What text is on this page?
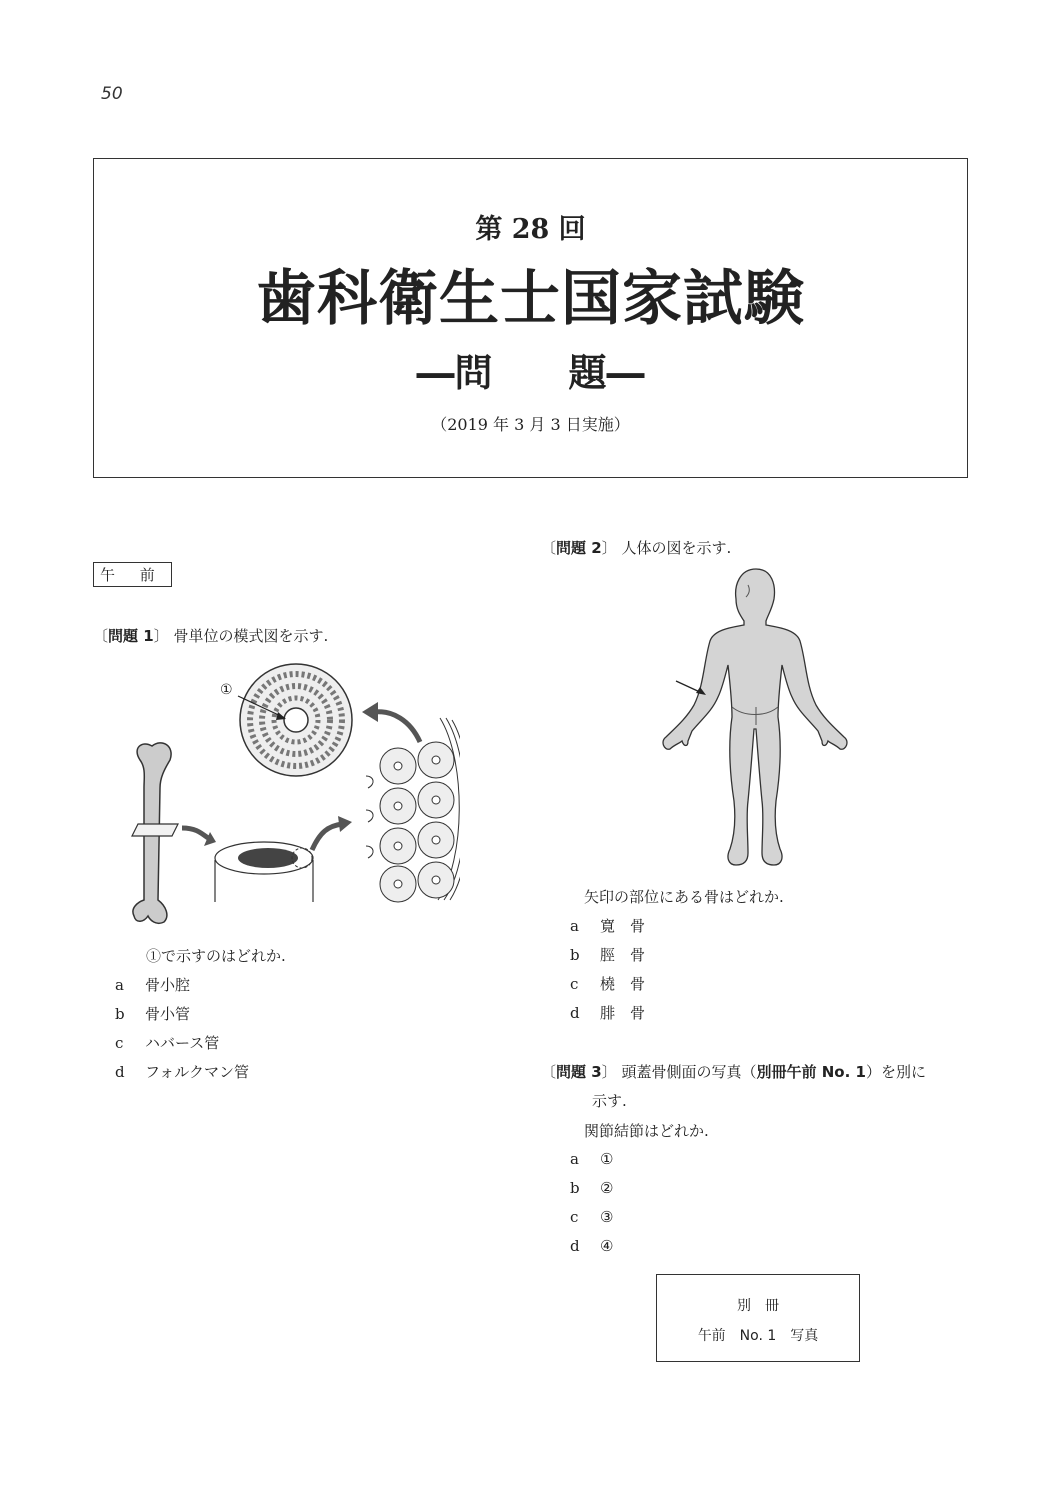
50
第 28 回
歯科衛生士国家試験
―問　　題―
（2019 年 3 月 3 日実施）
午 前
〔問題 1〕 骨単位の模式図を示す.
①
①で示すのはどれか.
a 骨小腔
b 骨小管
c ハバース管
d フォルクマン管
〔問題 2〕 人体の図を示す.
矢印の部位にある骨はどれか.
a 寛　骨
b 脛　骨
c 橈　骨
d 腓　骨
〔問題 3〕 頭蓋骨側面の写真（別冊午前 No. 1）を別に
示す.
関節結節はどれか.
a ①
b ②
c ③
d ④
別　冊
午前　No. 1　写真
